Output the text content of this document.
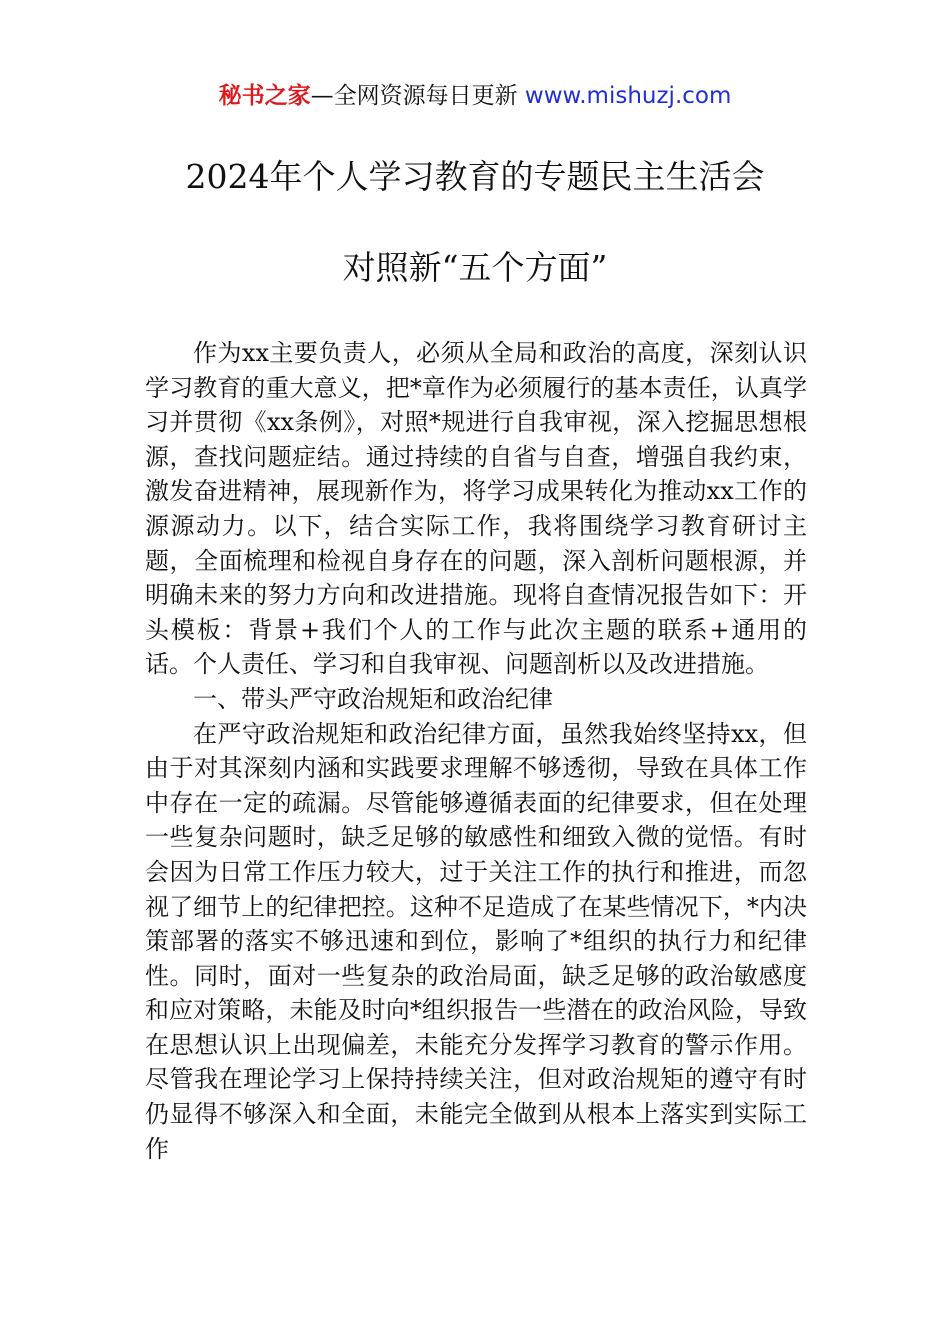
秘书之家—全网资源每日更新 www.mishuzj.com
2024年个人学习教育的专题民主生活会
对照新“五个方面”

作为xx主要负责人，必须从全局和政治的高度，深刻认识学习教育的重大意义，把*章作为必须履行的基本责任，认真学习并贯彻《xx条例》，对照*规进行自我审视，深入挖掘思想根源，查找问题症结。通过持续的自省与自查，增强自我约束，激发奋进精神，展现新作为，将学习成果转化为推动xx工作的源源动力。以下，结合实际工作，我将围绕学习教育研讨主题，全面梳理和检视自身存在的问题，深入剖析问题根源，并明确未来的努力方向和改进措施。现将自查情况报告如下：开头模板：背景+我们个人的工作与此次主题的联系+通用的话。个人责任、学习和自我审视、问题剖析以及改进措施。

一、带头严守政治规矩和政治纪律

在严守政治规矩和政治纪律方面，虽然我始终坚持xx，但由于对其深刻内涵和实践要求理解不够透彻，导致在具体工作中存在一定的疏漏。尽管能够遵循表面的纪律要求，但在处理一些复杂问题时，缺乏足够的敏感性和细致入微的觉悟。有时会因为日常工作压力较大，过于关注工作的执行和推进，而忽视了细节上的纪律把控。这种不足造成了在某些情况下，*内决策部署的落实不够迅速和到位，影响了*组织的执行力和纪律性。同时，面对一些复杂的政治局面，缺乏足够的政治敏感度和应对策略，未能及时向*组织报告一些潜在的政治风险，导致在思想认识上出现偏差，未能充分发挥学习教育的警示作用。尽管我在理论学习上保持持续关注，但对政治规矩的遵守有时仍显得不够深入和全面，未能完全做到从根本上落实到实际工作
